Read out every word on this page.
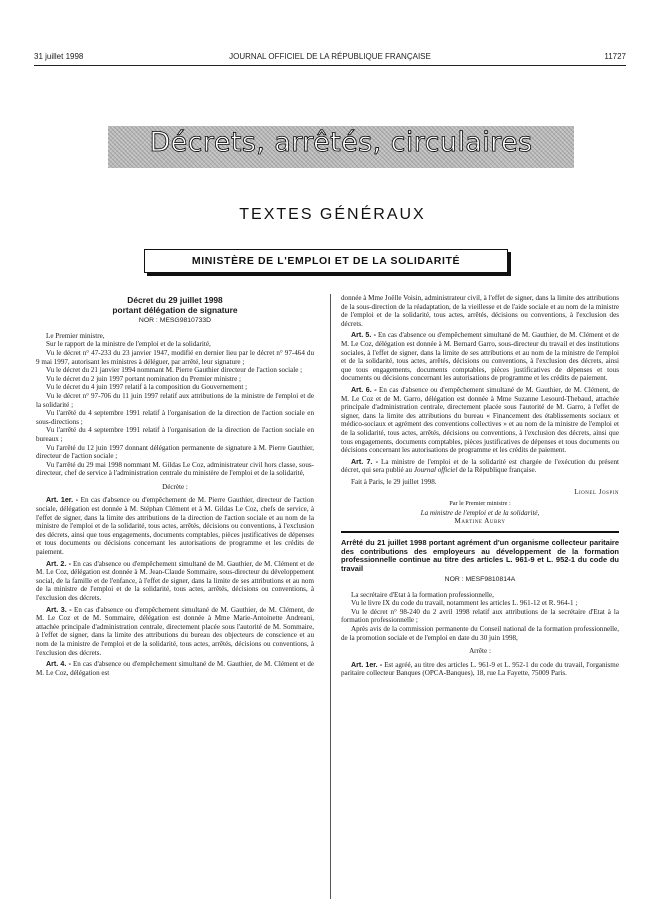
31 juillet 1998	JOURNAL OFFICIEL DE LA RÉPUBLIQUE FRANÇAISE	11727
Décrets, arrêtés, circulaires
TEXTES GÉNÉRAUX
MINISTÈRE DE L'EMPLOI ET DE LA SOLIDARITÉ

Décret du 29 juillet 1998

portant délégation de signature

NOR : MESG9810733D

Le Premier ministre,

Sur le rapport de la ministre de l'emploi et de la solidarité,

Vu le décret n° 47-233 du 23 janvier 1947, modifié en dernier lieu par le décret n° 97-464 du 9 mai 1997, autorisant les ministres à déléguer, par arrêté, leur signature ;

Vu le décret du 21 janvier 1994 nommant M. Pierre Gauthier directeur de l'action sociale ;

Vu le décret du 2 juin 1997 portant nomination du Premier ministre ;

Vu le décret du 4 juin 1997 relatif à la composition du Gouvernement ;

Vu le décret n° 97-706 du 11 juin 1997 relatif aux attributions de la ministre de l'emploi et de la solidarité ;

Vu l'arrêté du 4 septembre 1991 relatif à l'organisation de la direction de l'action sociale en sous-directions ;

Vu l'arrêté du 4 septembre 1991 relatif à l'organisation de la direction de l'action sociale en bureaux ;

Vu l'arrêté du 12 juin 1997 donnant délégation permanente de signature à M. Pierre Gauthier, directeur de l'action sociale ;

Vu l'arrêté du 29 mai 1998 nommant M. Gildas Le Coz, administrateur civil hors classe, sous-directeur, chef de service à l'administration centrale du ministère de l'emploi et de la solidarité,

Décrète :

Art. 1er. - En cas d'absence ou d'empêchement de M. Pierre Gauthier, directeur de l'action sociale, délégation est donnée à M. Stéphan Clément et à M. Gildas Le Coz, chefs de service, à l'effet de signer, dans la limite des attributions de la direction de l'action sociale et au nom de la ministre de l'emploi et de la solidarité, tous actes, arrêtés, décisions ou conventions, à l'exclusion des décrets, ainsi que tous engagements, documents comptables, pièces justificatives de dépenses et tous documents ou décisions concernant les autorisations de programme et les crédits de paiement.

Art. 2. - En cas d'absence ou d'empêchement simultané de M. Gauthier, de M. Clément et de M. Le Coz, délégation est donnée à M. Jean-Claude Sommaire, sous-directeur du développement social, de la famille et de l'enfance, à l'effet de signer, dans la limite de ses attributions et au nom de la ministre de l'emploi et de la solidarité, tous actes, arrêtés, décisions ou conventions, à l'exclusion des décrets.

Art. 3. - En cas d'absence ou d'empêchement simultané de M. Gauthier, de M. Clément, de M. Le Coz et de M. Sommaire, délégation est donnée à Mme Marie-Antoinette Andreani, attachée principale d'administration centrale, directement placée sous l'autorité de M. Sommaire, à l'effet de signer, dans la limite des attributions du bureau des objecteurs de conscience et au nom de la ministre de l'emploi et de la solidarité, tous actes, arrêtés, décisions ou conventions, à l'exclusion des décrets.

Art. 4. - En cas d'absence ou d'empêchement simultané de M. Gauthier, de M. Clément et de M. Le Coz, délégation est

donnée à Mme Joëlle Voisin, administrateur civil, à l'effet de signer, dans la limite des attributions de la sous-direction de la réadaptation, de la vieillesse et de l'aide sociale et au nom de la ministre de l'emploi et de la solidarité, tous actes, arrêtés, décisions ou conventions, à l'exclusion des décrets.

Art. 5. - En cas d'absence ou d'empêchement simultané de M. Gauthier, de M. Clément et de M. Le Coz, délégation est donnée à M. Bernard Garro, sous-directeur du travail et des institutions sociales, à l'effet de signer, dans la limite de ses attributions et au nom de la ministre de l'emploi et de la solidarité, tous actes, arrêtés, décisions ou conventions, à l'exclusion des décrets, ainsi que tous engagements, documents comptables, pièces justificatives de dépenses et tous documents ou décisions concernant les autorisations de programme et les crédits de paiement.

Art. 6. - En cas d'absence ou d'empêchement simultané de M. Gauthier, de M. Clément, de M. Le Coz et de M. Garro, délégation est donnée à Mme Suzanne Lesourd-Thebaud, attachée principale d'administration centrale, directement placée sous l'autorité de M. Garro, à l'effet de signer, dans la limite des attributions du bureau « Financement des établissements sociaux et médico-sociaux et agrément des conventions collectives » et au nom de la ministre de l'emploi et de la solidarité, tous actes, arrêtés, décisions ou conventions, à l'exclusion des décrets, ainsi que tous engagements, documents comptables, pièces justificatives de dépenses et tous documents ou décisions concernant les autorisations de programme et les crédits de paiement.

Art. 7. - La ministre de l'emploi et de la solidarité est chargée de l'exécution du présent décret, qui sera publié au Journal officiel de la République française.

Fait à Paris, le 29 juillet 1998.

Lionel Jospin

Par le Premier ministre :

La ministre de l'emploi et de la solidarité,

Martine Aubry

Arrêté du 21 juillet 1998 portant agrément d'un organisme collecteur paritaire des contributions des employeurs au développement de la formation professionnelle continue au titre des articles L. 961-9 et L. 952-1 du code du travail

NOR : MESF9810814A

La secrétaire d'Etat à la formation professionnelle,

Vu le livre IX du code du travail, notamment les articles L. 961-12 et R. 964-1 ;

Vu le décret n° 98-240 du 2 avril 1998 relatif aux attributions de la secrétaire d'Etat à la formation professionnelle ;

Après avis de la commission permanente du Conseil national de la formation professionnelle, de la promotion sociale et de l'emploi en date du 30 juin 1998,

Arrête :

Art. 1er. - Est agréé, au titre des articles L. 961-9 et L. 952-1 du code du travail, l'organisme paritaire collecteur Banques (OPCA-Banques), 18, rue La Fayette, 75009 Paris.
